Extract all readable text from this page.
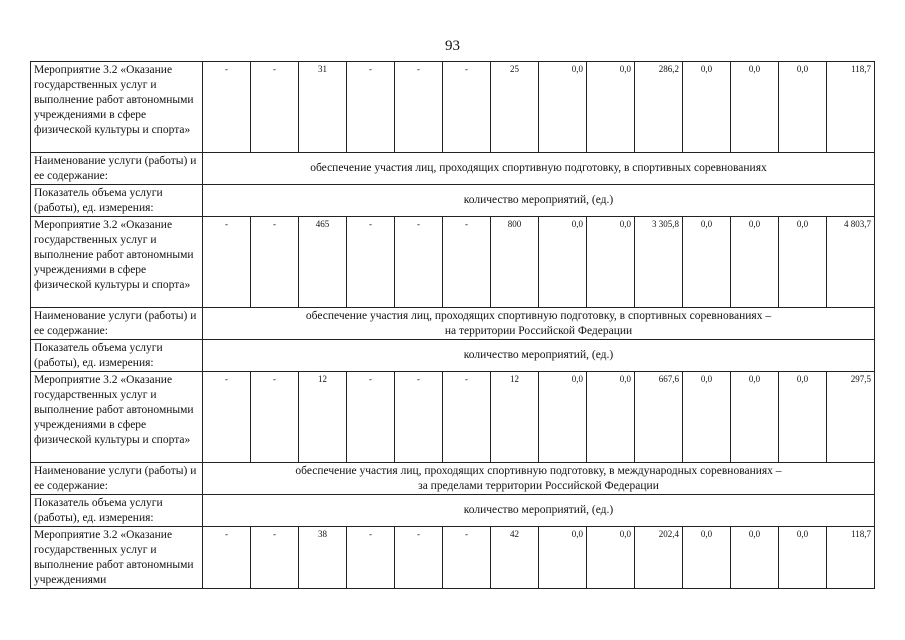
93
Мероприятие 3.2 «Оказание государственных услуг и выполнение работ автономными учреждениями в сфере физической культуры и спорта»	-	-	31	-	-	-	25	0,0	0,0	286,2	0,0	0,0	0,0	118,7
Наименование услуги (работы) и ее содержание:	обеспечение участия лиц, проходящих спортивную подготовку, в спортивных соревнованиях													

Показатель объема услуги (работы), ед. измерения:	количество мероприятий, (ед.)													

Мероприятие 3.2 «Оказание государственных услуг и выполнение работ автономными учреждениями в сфере физической культуры и спорта»	-	-	465	-	-	-	800	0,0	0,0	3 305,8	0,0	0,0	0,0	4 803,7
Наименование услуги (работы) и ее содержание:	обеспечение участия лиц, проходящих спортивную подготовку, в спортивных соревнованиях –
на территории Российской Федерации													

Показатель объема услуги (работы), ед. измерения:	количество мероприятий, (ед.)													

Мероприятие 3.2 «Оказание государственных услуг и выполнение работ автономными учреждениями в сфере физической культуры и спорта»	-	-	12	-	-	-	12	0,0	0,0	667,6	0,0	0,0	0,0	297,5
Наименование услуги (работы) и ее содержание:	обеспечение участия лиц, проходящих спортивную подготовку, в международных соревнованиях –
за пределами территории Российской Федерации													

Показатель объема услуги (работы), ед. измерения:	количество мероприятий, (ед.)													

Мероприятие 3.2 «Оказание государственных услуг и выполнение работ автономными учреждениями	-	-	38	-	-	-	42	0,0	0,0	202,4	0,0	0,0	0,0	118,7
